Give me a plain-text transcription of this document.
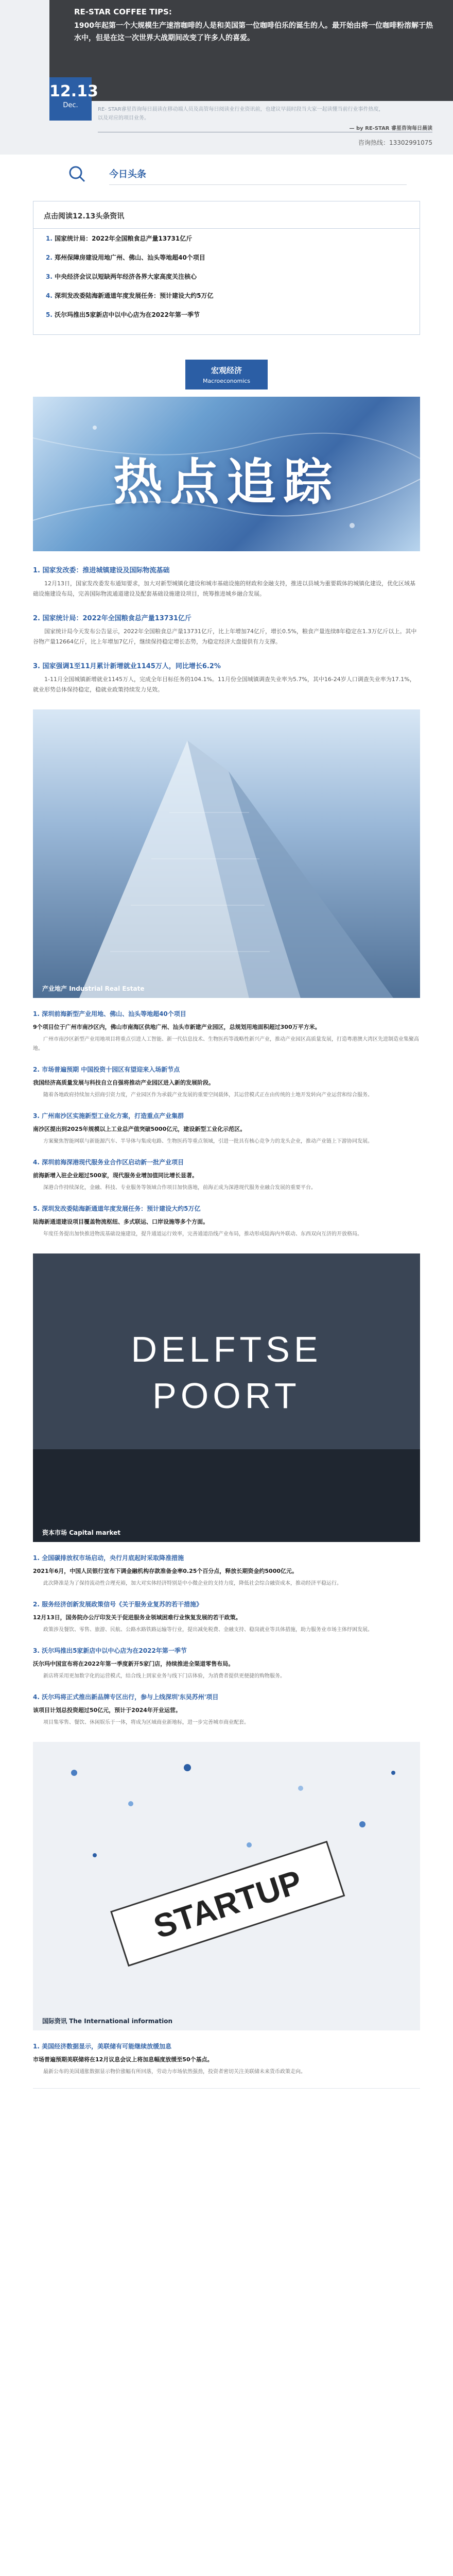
RE-STAR COFFEE TIPS:
1900年起第一个大规模生产速溶咖啡的人是和美国第一位咖啡伯乐的诞生的人。最开始由将一位咖啡粉溶解于热水中，但是在这一次世界大战期间改变了许多人的喜爱。
12.13
Dec.
RE- STAR睿星咨询每日晨读在移动端人员及高管每日阅读业行业资讯前，也建议早晨时段当大家一起读懂当前行业事件热度，以及对应的项目业务。
— by RE-STAR 睿星咨询每日晨读
咨询热线：13302991075
今日头条
点击阅读12.13头条资讯
1. 国家统计局：2022年全国粮食总产量13731亿斤
2. 郑州保障房建设用地广州、佛山、汕头等地超40个项目
3. 中央经济会议以短缺两年经济各界大家高度关注核心
4. 深圳发改委陆海新通道年度发展任务：预计建设大约5万亿
5. 沃尔玛推出5家新店中以中心店为在2022年第一季节
宏观经济
Macroeconomics
热点追踪
1. 国家发改委：推进城镇建设及国际物流基础
12月13日，国家发改委发布通知要求，加大对新型城镇化建设和城市基础设施的财政和金融支持，推进以县城为重要载体的城镇化建设，优化区域基础设施建设布局，完善国际物流通道建设及配套基础设施建设项目，统筹推进城乡融合发展。
2. 国家统计局：2022年全国粮食总产量13731亿斤
国家统计局今天发布公告显示，2022年全国粮食总产量13731亿斤，比上年增加74亿斤，增长0.5%，粮食产量连续8年稳定在1.3万亿斤以上。其中谷物产量12664亿斤，比上年增加7亿斤，继续保持稳定增长态势，为稳定经济大盘提供有力支撑。
3. 国家强调1至11月累计新增就业1145万人，同比增长6.2%
1-11月全国城镇新增就业1145万人，完成全年目标任务的104.1%。11月份全国城镇调查失业率为5.7%，其中16-24岁人口调查失业率为17.1%，就业形势总体保持稳定，稳就业政策持续发力见效。
产业地产 Industrial Real Estate
1. 深圳前海新型产业用地、佛山、汕头等地超40个项目
9个项目位于广州市南沙区内，佛山市南海区供地广州、汕头市新建产业园区，总规划用地面积超过300万平方米。
广州市南沙区新型产业用地项目将重点引进人工智能、新一代信息技术、生物医药等战略性新兴产业，推动产业园区高质量发展，打造粤港澳大湾区先进制造业集聚高地。
2. 市场普遍预期 中国投资十园区有望迎来入场新节点
我国经济高质量发展与科技自立自强将推动产业园区进入新的发展阶段。
随着各地政府持续加大招商引资力度，产业园区作为承载产业发展的重要空间载体，其运营模式正在由传统的土地开发转向产业运营和综合服务。
3. 广州南沙区实施新型工业化方案，打造重点产业集群
南沙区提出到2025年规模以上工业总产值突破5000亿元，建设新型工业化示范区。
方案聚焦智能网联与新能源汽车、半导体与集成电路、生物医药等重点领域，引进一批具有核心竞争力的龙头企业，推动产业链上下游协同发展。
4. 深圳前海深港现代服务业合作区启动新一批产业项目
前海新增入驻企业超过500家，现代服务业增加值同比增长显著。
深港合作持续深化，金融、科技、专业服务等领域合作项目加快落地，前海正成为深港现代服务业融合发展的重要平台。
5. 深圳发改委陆海新通道年度发展任务：预计建设大约5万亿
陆海新通道建设项目覆盖物流枢纽、多式联运、口岸设施等多个方面。
年度任务提出加快推进物流基础设施建设，提升通道运行效率，完善通道沿线产业布局，推动形成陆海内外联动、东西双向互济的开放格局。
DELFTSE
POORT
资本市场 Capital market
1. 全国碳排放权市场启动，央行月底起时采取降准措施
2021年6月，中国人民银行宣布下调金融机构存款准备金率0.25个百分点，释放长期资金约5000亿元。
此次降准是为了保持流动性合理充裕，加大对实体经济特别是中小微企业的支持力度，降低社会综合融资成本，推动经济平稳运行。
2. 服务经济创新发展政策信号《关于服务业复苏的若干措施》
12月13日，国务院办公厅印发关于促进服务业领域困难行业恢复发展的若干政策。
政策涉及餐饮、零售、旅游、民航、公路水路铁路运输等行业，提出减免税费、金融支持、稳岗就业等具体措施，助力服务业市场主体纾困发展。
3. 沃尔玛推出5家新店中以中心店为在2022年第一季节
沃尔玛中国宣布将在2022年第一季度新开5家门店，持续推进全渠道零售布局。
新店将采用更加数字化的运营模式，结合线上到家业务与线下门店体验，为消费者提供更便捷的购物服务。
4. 沃尔玛将正式推出新品牌专区出行，参与上线深圳'东吴苏州'项目
该项目计划总投资超过50亿元，预计于2024年开业运营。
项目集零售、餐饮、休闲娱乐于一体，将成为区域商业新地标，进一步完善城市商业配套。
STARTUP
国际资讯 The International information
1. 美国经济数据显示，美联储有可能继续放缓加息
市场普遍预期美联储将在12月议息会议上将加息幅度放缓至50个基点。
最新公布的美国通胀数据显示物价涨幅有所回落，劳动力市场依然强劲，投资者密切关注美联储未来货币政策走向。
